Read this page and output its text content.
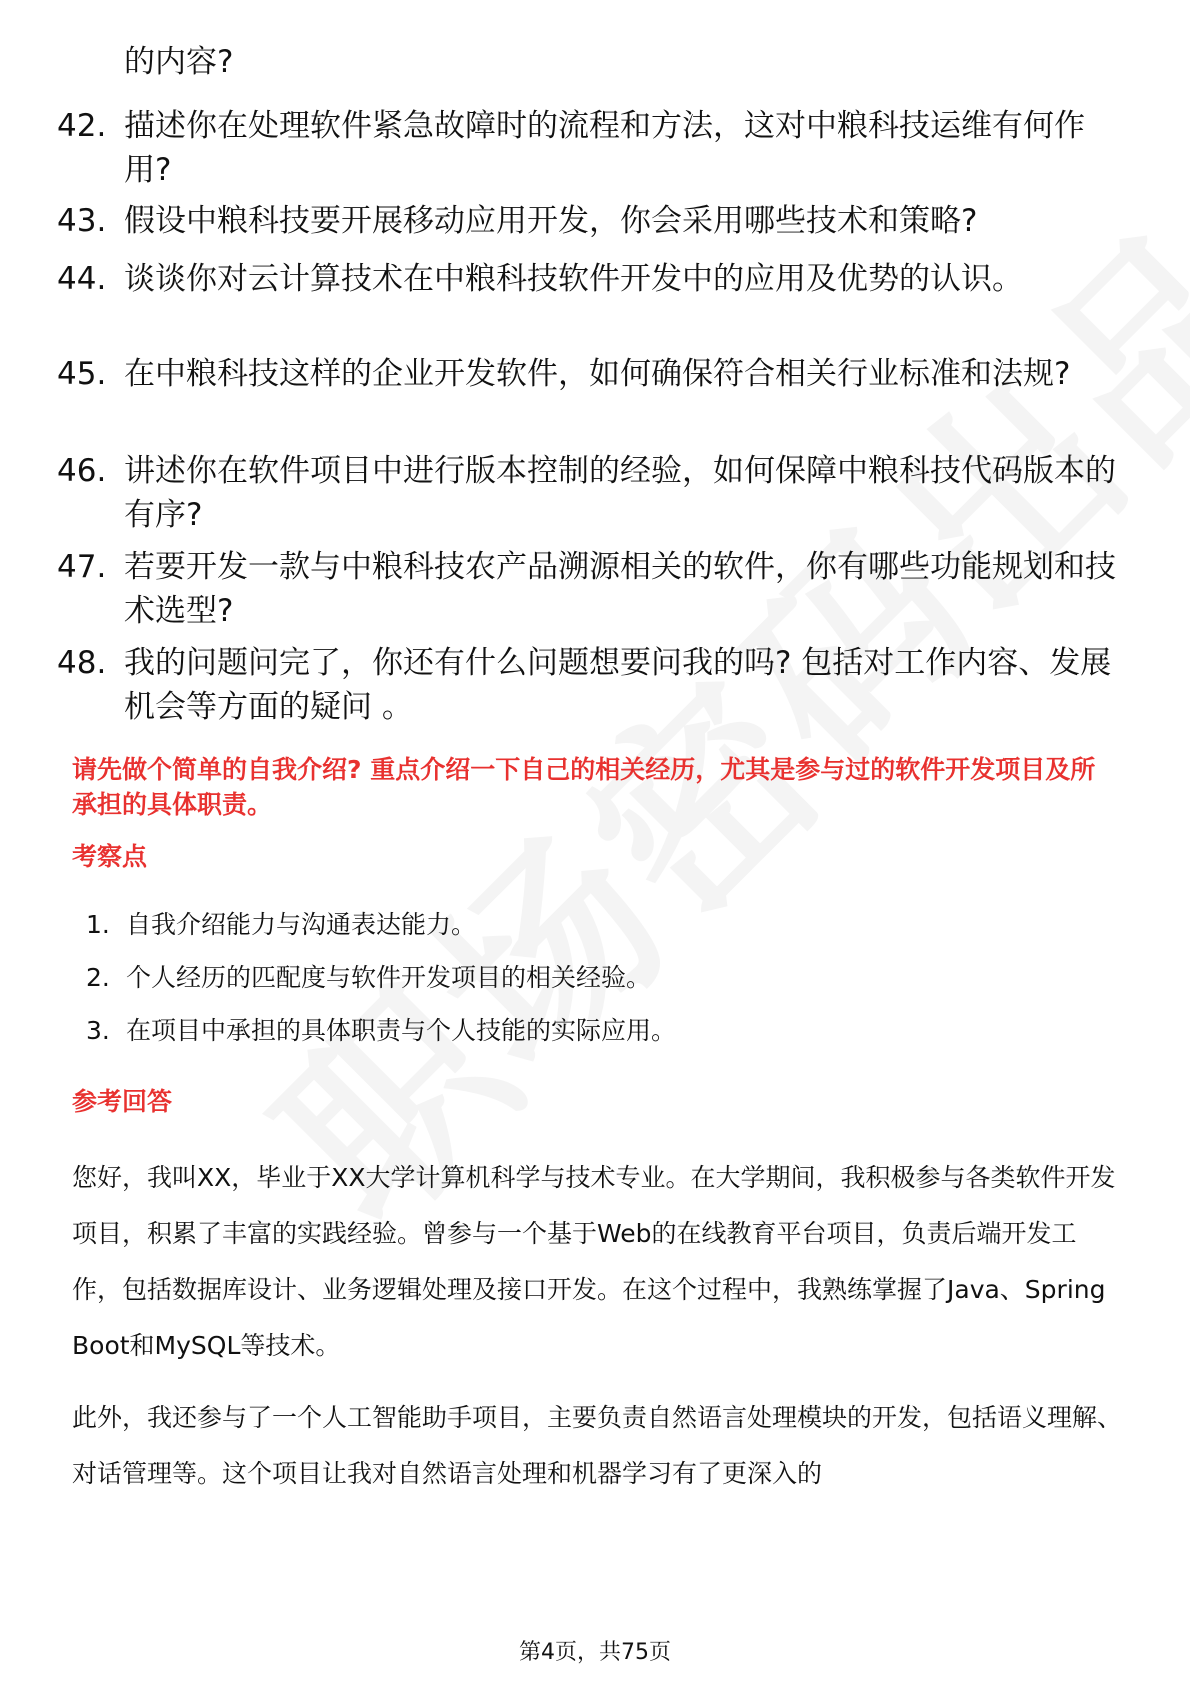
的内容?
42. 描述你在处理软件紧急故障时的流程和方法，这对中粮科技运维有何作用?
43. 假设中粮科技要开展移动应用开发，你会采用哪些技术和策略?
44. 谈谈你对云计算技术在中粮科技软件开发中的应用及优势的认识。
45. 在中粮科技这样的企业开发软件，如何确保符合相关行业标准和法规?
46. 讲述你在软件项目中进行版本控制的经验，如何保障中粮科技代码版本的有序?
47. 若要开发一款与中粮科技农产品溯源相关的软件，你有哪些功能规划和技术选型?
48. 我的问题问完了，你还有什么问题想要问我的吗? 包括对工作内容、发展机会等方面的疑问 。
请先做个简单的自我介绍? 重点介绍一下自己的相关经历，尤其是参与过的软件开发项目及所承担的具体职责。
考察点
1. 自我介绍能力与沟通表达能力。
2. 个人经历的匹配度与软件开发项目的相关经验。
3. 在项目中承担的具体职责与个人技能的实际应用。
参考回答
您好，我叫XX，毕业于XX大学计算机科学与技术专业。在大学期间，我积极参与各类软件开发项目，积累了丰富的实践经验。曾参与一个基于Web的在线教育平台项目，负责后端开发工作，包括数据库设计、业务逻辑处理及接口开发。在这个过程中，我熟练掌握了Java、Spring Boot和MySQL等技术。
此外，我还参与了一个人工智能助手项目，主要负责自然语言处理模块的开发，包括语义理解、对话管理等。这个项目让我对自然语言处理和机器学习有了更深入的
第4页，共75页
